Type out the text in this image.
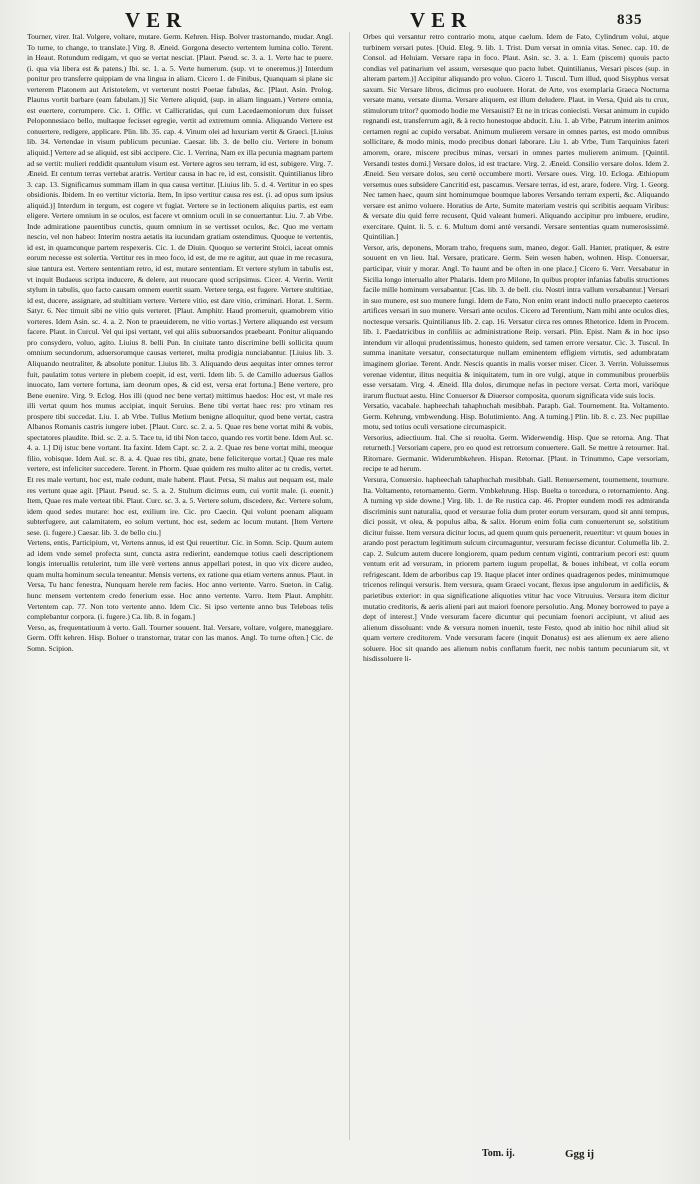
VER	VER	835

Tourner, virer. Ital. Volgere, voltare, mutare. Germ. Kehren. Hisp. Bolver trastornando, mudar. Angl. To turne, to change, to translate.] Virg. 8. Æneid. Gorgona desecto vertentem lumina collo. Terent. in Heaut. Rotundum redigam, vt quo se vertat nesciat. [Plaut. Pseud. sc. 3. a. 1. Verte hac te puere. (i. qua via libera est & patens.) Ibi. sc. 1. a. 5. Verte humerum. (sup. vt te oneremus.)] Interdum ponitur pro transferre quippiam de vna lingua in aliam. Cicero 1. de Finibus, Quanquam si plane sic verterem Platonem aut Aristotelem, vt verterunt nostri Poetae fabulas, &c. [Plaut. Asin. Prolog. Plautus vortit barbare (eam fabulam.)] Sic Vertere aliquid, (sup. in aliam linguam.) Vertere omnia, est euertere, corrumpere. Cic. 1. Offic. vt Callicratidas, qui cum Lacedaemoniorum dux fuisset Peloponnesiaco bello, multaque fecisset egregie, vertit ad extremum omnia. Aliquando Vertere est conuertere, redigere, applicare. Plin. lib. 35. cap. 4. Vinum olei ad luxuriam vertit & Graeci. [Liuius lib. 34. Vertendae in visum publicum pecuniae. Caesar. lib. 3. de bello ciu. Vertere in bonum aliquid.] Vertere ad se aliquid, est sibi accipere. Cic. 1. Verrina, Nam ex illa pecunia magnam partem ad se vertit: mulieri reddidit quantulum visum est. Vertere agros seu terram, id est, subigere. Virg. 7. Æneid. Et centum terras vertebat aratris. Vertitur causa in hac re, id est, consistit. Quintilianus libro 3. cap. 13. Significamus summam illam in qua causa vertitur. [Liuius lib. 5. d. 4. Vertitur in eo spes obsidionis. Ibidem. In eo vertitur victoria. Item, In ipso vertitur causa res est. (i. ad opus sum ipsius aliquid.)] Interdum in tergum, est cogere vt fugiat. Vertere se in lectionem aliquius partis, est eam eligere. Vertere omnium in se oculos, est facere vt omnium oculi in se conuertantur. Liu. 7. ab Vrbe. Inde admiratione pauentibus cunctis, quum omnium in se vertisset oculos, &c. Quo me vertam nescio, vel non habeo: Interim nostra aetatis ita iucundam gratiam ostendimus. Quoque te vertentis, id est, in quamcunque partem respexeris. Cic. 1. de Diuin. Quoquo se verterint Stoici, iaceat omnis eorum necesse est solertia. Vertitur res in meo foco, id est, de me re agitur, aut quae in me recasura, siue tantura est. Vertere sententiam retro, id est, mutare sententiam. Et vertere stylum in tabulis est, vt inquit Budaeus scripta inducere, & delere, aut reuocare quod scripsimus. Cicer. 4. Verrin. Vertit stylum in tabulis, quo facto causam omnem euertit suam. Vertere terga, est fugere. Vertere stultitiae, id est, ducere, assignare, ad stultitiam vertere. Vertere vitio, est dare vitio, criminari. Horat. 1. Serm. Satyr. 6. Nec timuit sibi ne vitio quis verteret. [Plaut. Amphitr. Haud promeruit, quamobrem vitio vorteres. Idem Asin. sc. 4. a. 2. Non te praeuiderem, ne vitio vortas.] Vertere aliquando est versum facere. Plaut. in Curcul. Vel qui ipsi vertant, vel qui aliis subuorsandos praebeant. Ponitur aliquando pro consydero, voluo, agito. Liuius 8. belli Pun. In ciuitate tanto discrimine belli sollicita quum omnium secundorum, aduersorumque causas verteret, multa prodigia nunciabantur. [Liuius lib. 3. Aliquando neutraliter, & absolute ponitur. Liuius lib. 3. Aliquando deus aequitas inter omnes terror fuit, paulatim totus vertere in plebem coepit, id est, verti. Idem lib. 5. de Camillo aduersus Gallos inuocato, Iam vertere fortuna, iam deorum opes, & cid est, versa erat fortuna.] Bene vertere, pro Bene euenire. Virg. 9. Eclog. Hos illi (quod nec bene vertat) mittimus haedos: Hoc est, vt male res illi vertat quum hos munus accipiat, inquit Seruius. Bene tibi vertat haec res: pro vtinam res prospere tibi succedat. Liu. 1. ab Vrbe. Tullus Metium benigne alloquitur, quod bene vertat, castra Albanos Romanis castris iungere iubet. [Plaut. Curc. sc. 2. a. 5. Quae res bene vortat mihi & vobis, spectatores plaudite. Ibid. sc. 2. a. 5. Tace tu, id tibi Non tacco, quando res vortit bene. Idem Aul. sc. 4. a. 1.] Dij istuc bene vortant. Ita faxint. Idem Capt. sc. 2. a. 2. Quae res bene vortat mihi, meoque filio, vobisque. Idem Aul. sc. 8. a. 4. Quae res tibi, gnate, bene feliciterque vortat.] Quae res male vertere, est infeliciter succedere. Terent. in Phorm. Quae quidem res multo aliter ac tu credis, vertet. Et res male vertunt, hoc est, male cedunt, male habent. Plaut. Persa, Si malus aut nequam est, male res vertunt quae agit. [Plaut. Pseud. sc. 5. a. 2. Stultum dicimus eum, cui vortit male. (i. euenit.) Item, Quae res male verteat tibi. Plaut. Curc. sc. 3. a. 5. Vertere solum, discedere, &c. Vertere solum, idem quod sedes mutare: hoc est, exilium ire. Cic. pro Caecin. Qui volunt poenam aliquam subterfugere, aut calamitatem, eo solum vertunt, hoc est, sedem ac locum mutant. [Item Vertere sese. (i. fugere.) Caesar. lib. 3. de bello ciu.]

Vertens, entis, Participium, vt, Vertens annus, id est Qui reuertitur. Cic. in Somn. Scip. Quum autem ad idem vnde semel profecta sunt, cuncta astra redierint, eandemque totius caeli descriptionem longis interuallis retulerint, tum ille verè vertens annus appellari potest, in quo vix dicere audeo, quam multa hominum secula teneantur. Mensis vertens, ex ratione qua etiam vertens annus. Plaut. in Versa, Tu hanc fenestra, Nunquam herele rem facies. Hoc anno vertente. Varro. Sueton. in Calig. hunc mensem vertentem credo fenerium esse. Hoc anno vertente. Varro. Item Plaut. Amphitr. Vertentem cap. 77. Non toto vertente anno. Idem Cic. Si ipso vertente anno bus Teleboas telis complebantur corpora. (i. fugere.) Ca. lib. 8. in fogam.]

Verso, as, frequentatiuum à verto. Gall. Tourner souuent. Ital. Versare, voltare, volgere, maneggiare. Germ. Offt kehren. Hisp. Boluer o transtornar, tratar con las manos. Angl. To turne often.] Cic. de Somn. Scipion.

Orbes qui versantur retro contrario motu, atque caelum. Idem de Fato, Cylindrum volui, atque turbinem versari putes. [Ouid. Eleg. 9. lib. 1. Trist. Dum versat in omnia vitas. Senec. cap. 10. de Consol. ad Heluiam. Versare rapa in foco. Plaut. Asin. sc. 3. a. 1. Eam (piscem) quouis pacto condias vel patinarium vel assum, versesque quo pacto lubet. Quintilianus, Versari pisces (sup. in alteram partem.)] Accipitur aliquando pro voluo. Cicero 1. Tuscul. Tum illud, quod Sisyphus versat saxum. Sic Versare libros, dicimus pro euoluere. Horat. de Arte, vos exemplaria Graeca Nocturna versate manu, versate diurna. Versare aliquem, est illum deludere. Plaut. in Versa, Quid ais tu crux, stimulorum tritor? quomodo hodie me Versauisti? Et ne in tricas coniecisti. Versat animum in cupido regnandi est, transferrum agit, & à recto honestoque abducit. Liu. 1. ab Vrbe, Patrum interim animos certamen regni ac cupido versabat. Animum mulierem versare in omnes partes, est modo omnibus sollicitare, & modo minis, modo precibus donari laborare. Liu 1. ab Vrbe, Tum Tarquinius fateri amorem, orare, miscere precibus minas, versari in omnes partes mulierem animum. [Quintil. Versandi testes domi.] Versare dolos, id est tractare. Virg. 2. Æneid. Consilio versare dolos. Idem 2. Æneid. Seu versare dolos, seu certè occumbere morti. Versare oues. Virg. 10. Ecloga. Æthiopum versemus oues subsidere Cancritid est, pascamus. Versare terras, id est, arare, fodere. Virg. 1. Georg. Nec tamen haec, quum sint hominumque boumque labores Versando terram experti, &c. Aliquando versare est animo voluere. Horatius de Arte, Sumite materiam vestris qui scribitis aequam Viribus: & versate diu quid ferre recusent, Quid valeant humeri. Aliquando accipitur pro imbuere, erudire, exercitare. Quint. li. 5. c. 6. Multum domi antè versandi. Versare sententias quam numerosissimè. Quintilian.]

Versor, aris, deponens, Moram traho, frequens sum, maneo, degor. Gall. Hanter, pratiquer, & estre souuent en vn lieu. Ital. Versare, praticare. Germ. Sein wesen haben, wohnen. Hisp. Conuersar, participar, viuir y morar. Angl. To haunt and be often in one place.] Cicero 6. Verr. Versabatur in Sicilia longo interuallo alter Phalaris. Idem pro Milone, In quibus propter infanias fabulis structiones facile mille hominum versabantur. [Cas. lib. 3. de bell. ciu. Nostri intra vallum versabantur.] Versari in suo munere, est suo munere fungi. Idem de Fato, Non enim erant indocti nullo praecepto caeteros artifices versari in suo munere. Versari ante oculos. Cicero ad Terentium, Nam mihi ante oculos dies, noctesque versaris. Quintilianus lib. 2. cap. 16. Versatur circa res omnes Rhetorice. Idem in Procem. lib. 1. Paedatricibus in confiliis ac administratione Reip. versari. Plin. Epist. Nam & in hoc ipso intendum vir alloqui prudentissimus, honesto quidem, sed tamen errore versatur. Cic. 3. Tuscul. In summa inanitate versatur, consectaturque nullam eminentem effigiem virtutis, sed adumbratam imaginem gloriae. Terent. Andr. Nescis quantis in malis vorser miser. Cicer. 3. Verrin. Voluissemus verenae videntur, ilitus nequitia & iniquitatem, tum in ore vulgi, atque in communibus prouerbiis esse versatam. Virg. 4. Æneid. Illa dolos, dirumque nefas in pectore versat. Certa mori, variòque irarum fluctuat aestu. Hinc Conuersor & Diuersor composita, quorum significata vide suis locis.

Versatio, vacabale. hapheechah tahaphuchah mesibbah. Paraph. Gal. Tournement. Ita. Voltamento. Germ. Kehrung, vmbwendung. Hisp. Bolutimiento. Ang. A turning.] Plin. lib. 8. c. 23. Nec pupillae motu, sed totius oculi versatione circumaspicit.

Versorius, adiectiuum. Ital. Che si reuolta. Germ. Widerwendig. Hisp. Que se retorna. Ang. That returneth.] Versoriam capere, pro eo quod est retrorsum conuertere. Gall. Se mettre à retourner. Ital. Ritornare. Germanic. Widerumbkehren. Hispan. Retornar. [Plaut. in Trinummo, Cape versoriam, recipe te ad herum.

Versura, Conuersio. hapheechah tahaphuchah mesibbah. Gall. Renuersement, tournement, tournure. Ita. Voltamento, retornamento. Germ. Vmbkehrung. Hisp. Buelta o torcedura, o retornamiento. Ang. A turning vp side downe.] Virg. lib. 1. de Re rustica cap. 46. Propter eundem modi res admiranda discriminis sunt naturalia, quod et versurae folia dum proter eorum versuram, quod sit anni tempus, dici possit, vt olea, & populus alba, & salix. Horum enim folia cum conuerterunt se, solstitium dicitur fuisse. Item versura dicitur locus, ad quem quum quis peruenerit, reuertitur: vt quum boues in arando post peractum legitimum sulcum circumaguntur, versuram fecisse dicuntur. Columella lib. 2. cap. 2. Sulcum autem ducere longiorem, quam pedum centum viginti, contrarium pecori est: quum ventum erit ad versuram, in priorem partem iugum propellat, & boues inhibeat, vt colla eorum refrigescant. Idem de arboribus cap 19. Itaque placet inter ordines quadragenos pedes, minimumque tricenos relinqui versuris. Item versura, quam Graeci vocant, flexus ipse angulorum in aedificiis, & parietibus exterior: in qua significatione aliquoties vtitur hac voce Vitruuius. Versura item dicitur mutatio creditoris, & aeris alieni pari aut maiori foenore persolutio. Ang. Money borrowed to paye a dept of interest.] Vnde versuram facere dicuntur qui pecuniam foenori accipiunt, vt aliud aes alienum dissoluant: vnde & versura nomen inuenit, teste Festo, quod ab initio hoc nihil aliud sit quam vertere creditorem. Vnde versuram facere (inquit Donatus) est aes alienum ex aere alieno soluere. Hoc sit quando aes alienum nobis conflatum fuerit, nec nobis tantum pecuniarum sit, vt hisdissoluere li-

Tom. ij.	Ggg ij
